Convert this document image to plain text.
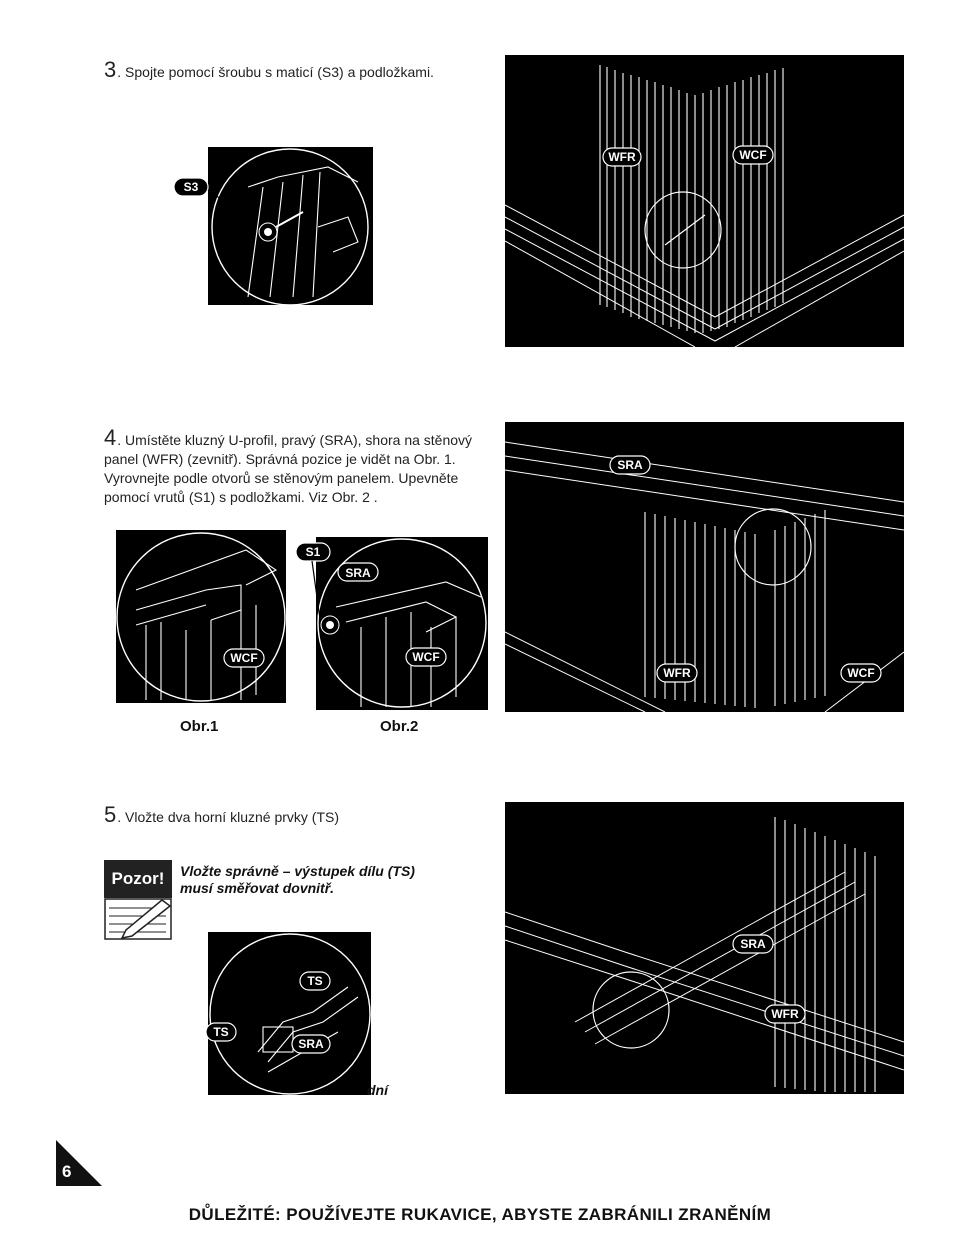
3. Spojte pomocí šroubu s maticí (S3) a podložkami.
WFR	WCF
S3
4. Umístěte kluzný U-profil, pravý (SRA), shora na stěnový
panel (WFR) (zevnitř). Správná pozice je vidět na Obr. 1.
Vyrovnejte podle otvorů se stěnovým panelem. Upevněte
pomocí vrutů (S1) s podložkami. Viz Obr. 2 .
SRA
WFR	WCF
WCF
SRA
WCF
S1
Obr.1	Obr.2
5. Vložte dva horní kluzné prvky (TS)
Pozor!	Vložte správně – výstupek dílu (TS)
musí směřovat dovnitř.
TS
SRA
TS
dní
SRA
WFR
6
DŮLEŽITÉ: POUŽÍVEJTE RUKAVICE, ABYSTE ZABRÁNILI ZRANĚNÍM
